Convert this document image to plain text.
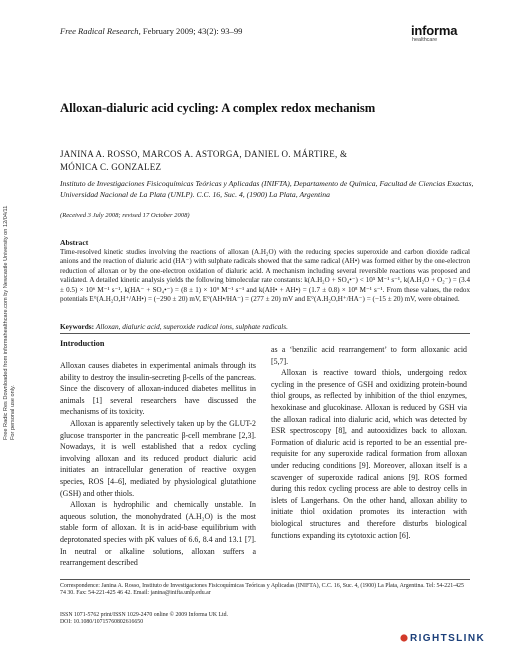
Free Radic Res Downloaded from informahealthcare.com by Newcastle University on 12/04/11
For personal use only.
Free Radical Research, February 2009; 43(2): 93–99	informa
healthcare
Alloxan-dialuric acid cycling: A complex redox mechanism
JANINA A. ROSSO, MARCOS A. ASTORGA, DANIEL O. MÁRTIRE, &
MÓNICA C. GONZALEZ
Instituto de Investigaciones Fisicoquímicas Teóricas y Aplicadas (INIFTA), Departamento de Química, Facultad de Ciencias Exactas, Universidad Nacional de La Plata (UNLP). C.C. 16, Suc. 4, (1900) La Plata, Argentina
(Received 3 July 2008; revised 17 October 2008)
Abstract
Time-resolved kinetic studies involving the reactions of alloxan (A.H₂O) with the reducing species superoxide and carbon dioxide radical anions and the reaction of dialuric acid (HA⁻) with sulphate radicals showed that the same radical (AH•) was formed either by the one-electron reduction of alloxan or by the one-electron oxidation of dialuric acid. A mechanism including several reversible reactions was proposed and validated. A detailed kinetic analysis yields the following bimolecular rate constants: k(A.H₂O + SO₄•⁻) < 10⁵ M⁻¹ s⁻¹, k(A.H₂O + O₂⁻) = (3.4 ± 0.5) × 10⁶ M⁻¹ s⁻¹, k(HA⁻ + SO₄•⁻) = (8 ± 1) × 10⁹ M⁻¹ s⁻¹ and k(AH• + AH•) = (1.7 ± 0.8) × 10⁸ M⁻¹ s⁻¹. From these values, the redox potentials E°(A.H₂O,H⁺/AH•) = (−290 ± 20) mV, E°(AH•/HA⁻) = (277 ± 20) mV and E°(A.H₂O,H⁺/HA⁻) = (−15 ± 20) mV, were obtained.
Keywords: Alloxan, dialuric acid, superoxide radical ions, sulphate radicals.
Introduction

Alloxan causes diabetes in experimental animals through its ability to destroy the insulin-secreting β-cells of the pancreas. Since the discovery of alloxan-induced diabetes mellitus in animals [1] several researchers have discussed the mechanisms of its toxicity.

Alloxan is apparently selectively taken up by the GLUT-2 glucose transporter in the pancreatic β-cell membrane [2,3]. Nowadays, it is well established that a redox cycling involving alloxan and its reduced product dialuric acid initiates an intracellular generation of reactive oxygen species, ROS [4–6], mediated by physiological glutathione (GSH) and other thiols.

Alloxan is hydrophilic and chemically unstable. In aqueous solution, the monohydrated (A.H₂O) is the most stable form of alloxan. It is in acid-base equilibrium with deprotonated species with pK values of 6.6, 8.4 and 13.1 [7]. In neutral or alkaline solutions, alloxan suffers a rearrangement described

as a ‘benzilic acid rearrangement’ to form alloxanic acid [5,7].

Alloxan is reactive toward thiols, undergoing redox cycling in the presence of GSH and oxidizing protein-bound thiol groups, as reflected by inhibition of the thiol enzymes, hexokinase and glucokinase. Alloxan is reduced by GSH via the alloxan radical into dialuric acid, which was detected by ESR spectroscopy [8], and autooxidizes back to alloxan. Formation of dialuric acid is reported to be an essential pre-requisite for any superoxide radical formation from alloxan under reducing conditions [9]. Moreover, alloxan itself is a scavenger of superoxide radical anions [9]. ROS formed during this redox cycling process are able to destroy cells in islets of Langerhans. On the other hand, alloxan ability to initiate thiol oxidation promotes its interaction with biological structures and therefore disturbs biological functions expanding its cytotoxic action [6].

Correspondence: Janina A. Rosso, Instituto de Investigaciones Fisicoquímicas Teóricas y Aplicadas (INIFTA), C.C. 16, Suc. 4, (1900) La Plata, Argentina. Tel: 54-221-425 74 30. Fax: 54-221-425 46 42. Email: janina@inifta.unlp.edu.ar
ISSN 1071-5762 print/ISSN 1029-2470 online © 2009 Informa UK Ltd.
DOI: 10.1080/10715760802616650
RIGHTSLINK
